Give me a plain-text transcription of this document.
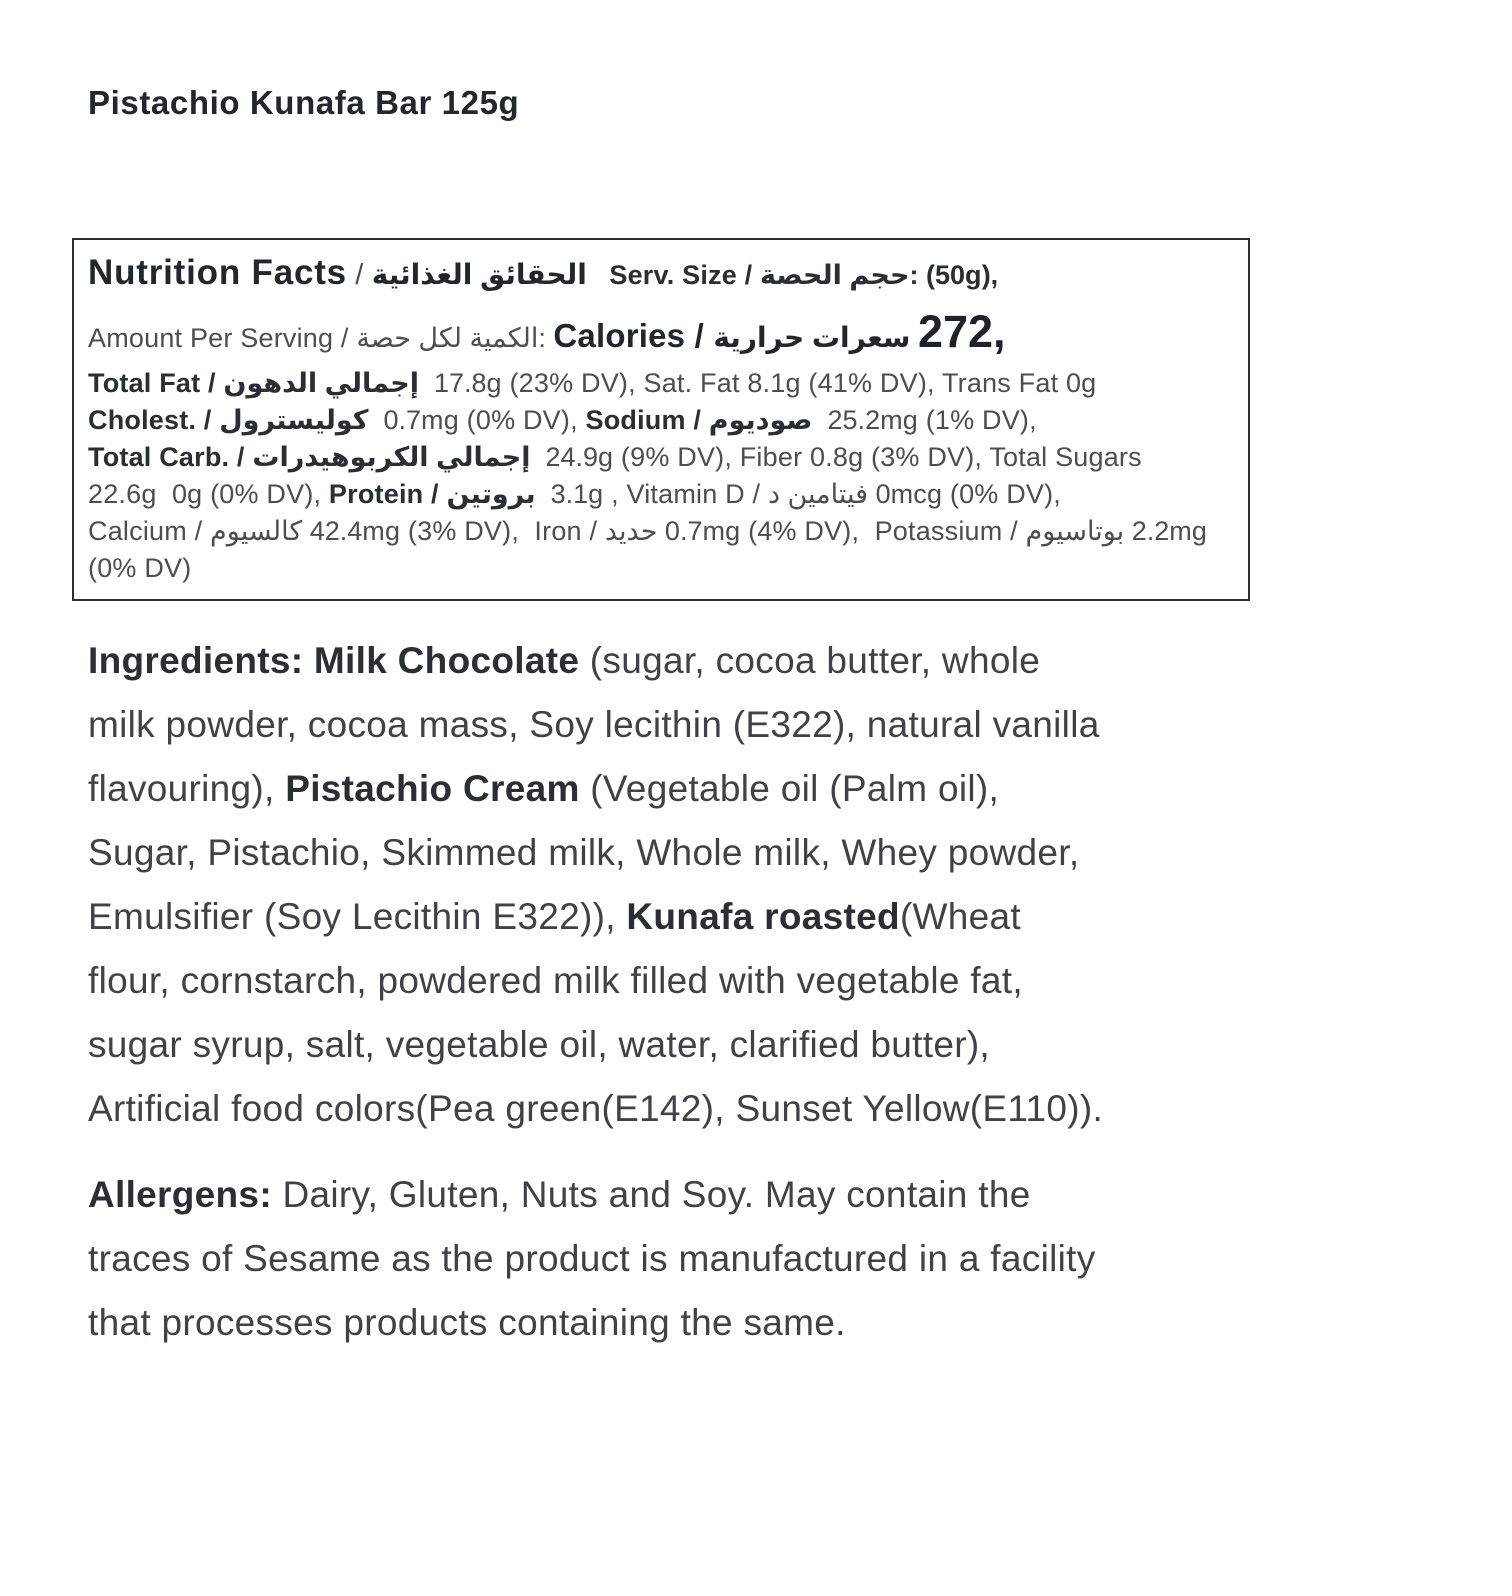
Pistachio Kunafa Bar 125g
Nutrition Facts / الحقائق الغذائية Serv. Size / حجم الحصة: (50g),
Amount Per Serving / الكمية لكل حصة: Calories / سعرات حرارية 272,
Total Fat / إجمالي الدهون  17.8g (23% DV), Sat. Fat 8.1g (41% DV), Trans Fat 0g
Cholest. / كوليسترول  0.7mg (0% DV), Sodium / صوديوم  25.2mg (1% DV),
Total Carb. / إجمالي الكربوهيدرات  24.9g (9% DV), Fiber 0.8g (3% DV), Total Sugars
22.6g  0g (0% DV), Protein / بروتين  3.1g , Vitamin D / فيتامين د 0mcg (0% DV),
Calcium / كالسيوم 42.4mg (3% DV),  Iron / حديد 0.7mg (4% DV),  Potassium / بوتاسيوم 2.2mg
(0% DV)
Ingredients: Milk Chocolate (sugar, cocoa butter, whole
milk powder, cocoa mass, Soy lecithin (E322), natural vanilla
flavouring), Pistachio Cream (Vegetable oil (Palm oil),
Sugar, Pistachio, Skimmed milk, Whole milk, Whey powder,
Emulsifier (Soy Lecithin E322)), Kunafa roasted(Wheat
flour, cornstarch, powdered milk filled with vegetable fat,
sugar syrup, salt, vegetable oil, water, clarified butter),
Artificial food colors(Pea green(E142), Sunset Yellow(E110)).
Allergens: Dairy, Gluten, Nuts and Soy. May contain the
traces of Sesame as the product is manufactured in a facility
that processes products containing the same.
